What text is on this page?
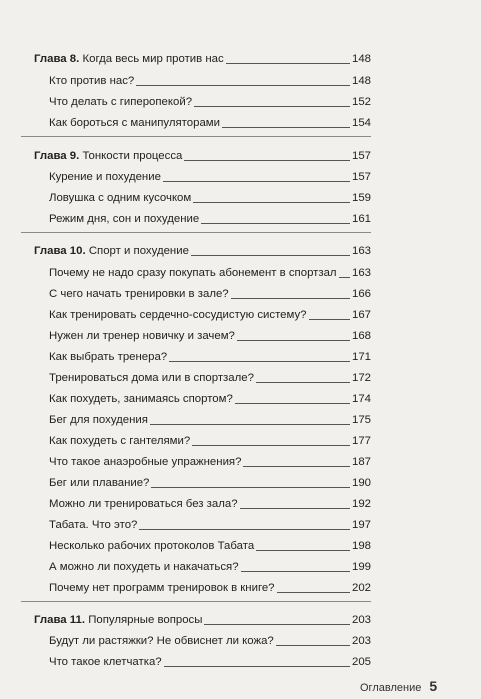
Глава 8. Когда весь мир против нас	148
Кто против нас?	148
Что делать с гиперопекой?	152
Как бороться с манипуляторами	154
Глава 9. Тонкости процесса	157
Курение и похудение	157
Ловушка с одним кусочком	159
Режим дня, сон и похудение	161
Глава 10. Спорт и похудение	163
Почему не надо сразу покупать абонемент в спортзал 163
С чего начать тренировки в зале?	166
Как тренировать сердечно-сосудистую систему?	167
Нужен ли тренер новичку и зачем?	168
Как выбрать тренера?	171
Тренироваться дома или в спортзале?	172
Как похудеть, занимаясь спортом?	174
Бег для похудения	175
Как похудеть с гантелями?	177
Что такое анаэробные упражнения?	187
Бег или плавание?	190
Можно ли тренироваться без зала?	192
Табата. Что это?	197
Несколько рабочих протоколов Табата	198
А можно ли похудеть и накачаться?	199
Почему нет программ тренировок в книге?	202
Глава 11. Популярные вопросы	203
Будут ли растяжки? Не обвиснет ли кожа?	203
Что такое клетчатка?	205
Оглавление 5
